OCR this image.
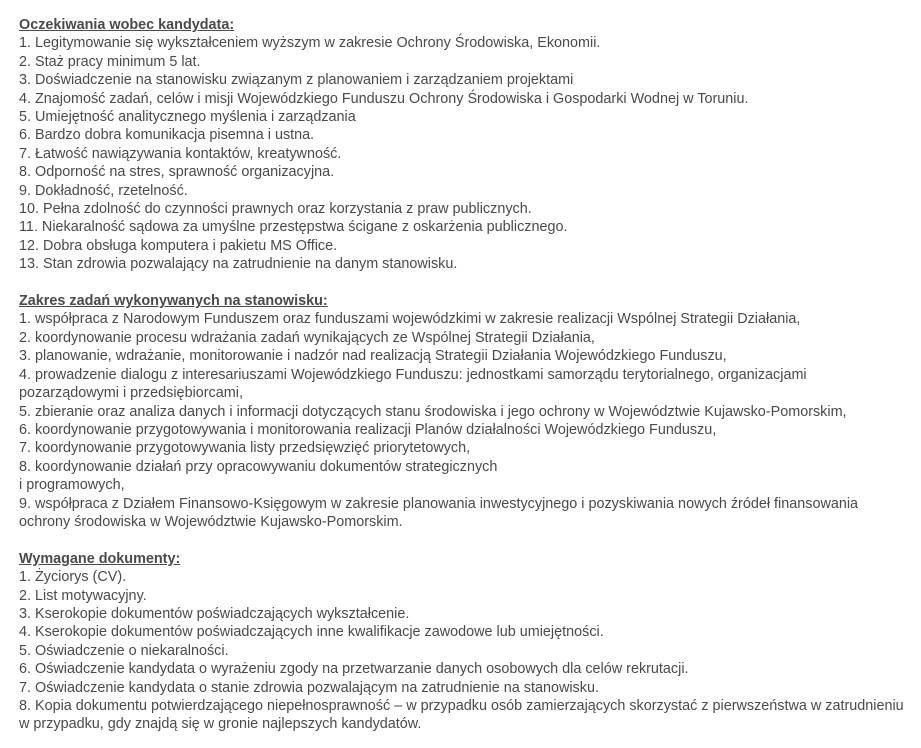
Oczekiwania wobec kandydata:
1. Legitymowanie się wykształceniem wyższym w zakresie Ochrony Środowiska, Ekonomii.
2. Staż pracy minimum 5 lat.
3. Doświadczenie na stanowisku związanym z planowaniem i zarządzaniem projektami
4. Znajomość zadań, celów i misji Wojewódzkiego Funduszu Ochrony Środowiska i Gospodarki Wodnej w Toruniu.
5. Umiejętność analitycznego myślenia i zarządzania
6. Bardzo dobra komunikacja pisemna i ustna.
7. Łatwość nawiązywania kontaktów, kreatywność.
8. Odporność na stres, sprawność organizacyjna.
9. Dokładność, rzetelność.
10. Pełna zdolność do czynności prawnych oraz korzystania z praw publicznych.
11. Niekaralność sądowa za umyślne przestępstwa ścigane z oskarżenia publicznego.
12. Dobra obsługa komputera i pakietu MS Office.
13. Stan zdrowia pozwalający na zatrudnienie na danym stanowisku.
Zakres zadań wykonywanych na stanowisku:
1. współpraca z Narodowym Funduszem oraz funduszami wojewódzkimi w zakresie realizacji Wspólnej Strategii Działania,
2. koordynowanie procesu wdrażania zadań wynikających ze Wspólnej Strategii Działania,
3. planowanie, wdrażanie, monitorowanie i nadzór nad realizacją Strategii Działania Wojewódzkiego Funduszu,
4. prowadzenie dialogu z interesariuszami Wojewódzkiego Funduszu: jednostkami samorządu terytorialnego, organizacjami pozarządowymi i przedsiębiorcami,
5. zbieranie oraz analiza danych i informacji dotyczących stanu środowiska i jego ochrony w Województwie Kujawsko-Pomorskim,
6. koordynowanie przygotowywania i monitorowania realizacji Planów działalności Wojewódzkiego Funduszu,
7. koordynowanie przygotowywania listy przedsięwzięć priorytetowych,
8. koordynowanie działań przy opracowywaniu dokumentów strategicznych
i programowych,
9. współpraca z Działem Finansowo-Księgowym w zakresie planowania inwestycyjnego i pozyskiwania nowych źródeł finansowania ochrony środowiska w Województwie Kujawsko-Pomorskim.
Wymagane dokumenty:
1. Życiorys (CV).
2. List motywacyjny.
3. Kserokopie dokumentów poświadczających wykształcenie.
4. Kserokopie dokumentów poświadczających inne kwalifikacje zawodowe lub umiejętności.
5. Oświadczenie o niekaralności.
6. Oświadczenie kandydata o wyrażeniu zgody na przetwarzanie danych osobowych dla celów rekrutacji.
7. Oświadczenie kandydata o stanie zdrowia pozwalającym na zatrudnienie na stanowisku.
8. Kopia dokumentu potwierdzającego niepełnosprawność – w przypadku osób zamierzających skorzystać z pierwszeństwa w zatrudnieniu w przypadku, gdy znajdą się w gronie najlepszych kandydatów.
